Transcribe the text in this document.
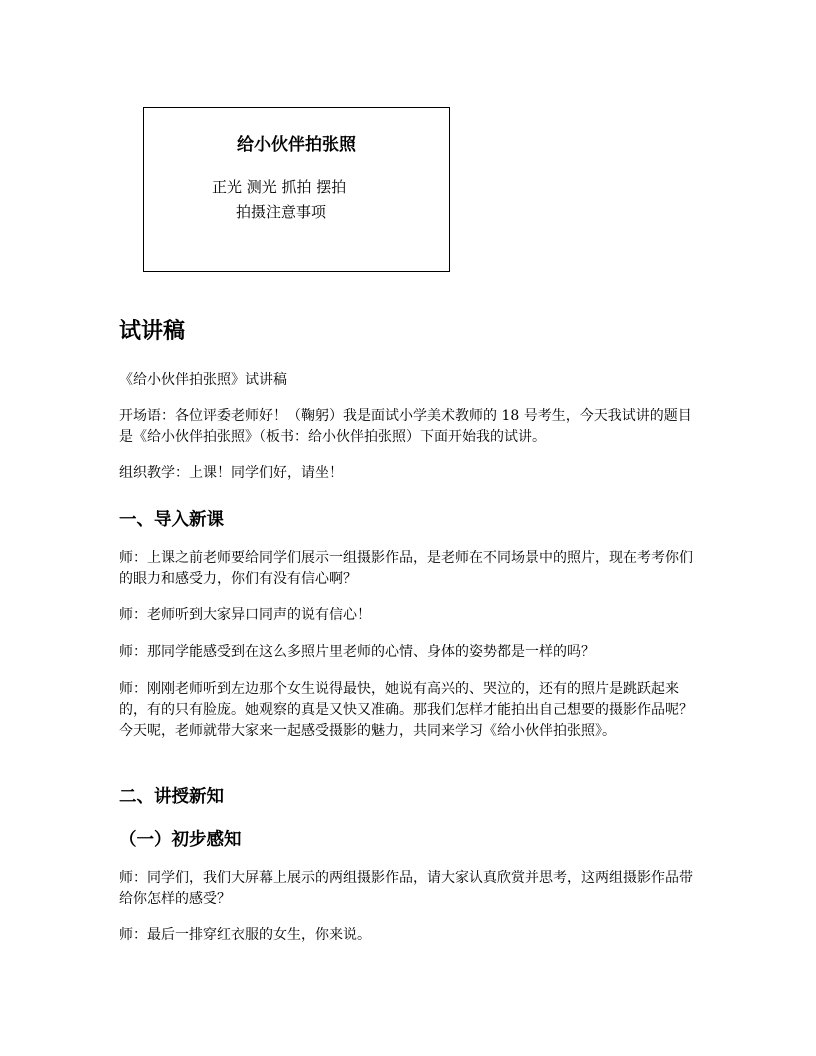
给小伙伴拍张照
正光 测光 抓拍 摆拍
拍摄注意事项
试讲稿
《给小伙伴拍张照》试讲稿
开场语：各位评委老师好！（鞠躬）我是面试小学美术教师的 18 号考生，今天我试讲的题目是《给小伙伴拍张照》（板书：给小伙伴拍张照）下面开始我的试讲。
组织教学：上课！同学们好，请坐！
一、导入新课
师：上课之前老师要给同学们展示一组摄影作品，是老师在不同场景中的照片，现在考考你们的眼力和感受力，你们有没有信心啊？
师：老师听到大家异口同声的说有信心！
师：那同学能感受到在这么多照片里老师的心情、身体的姿势都是一样的吗？
师：刚刚老师听到左边那个女生说得最快，她说有高兴的、哭泣的，还有的照片是跳跃起来的，有的只有脸庞。她观察的真是又快又准确。那我们怎样才能拍出自己想要的摄影作品呢？今天呢，老师就带大家来一起感受摄影的魅力，共同来学习《给小伙伴拍张照》。
二、讲授新知
（一）初步感知
师：同学们，我们大屏幕上展示的两组摄影作品，请大家认真欣赏并思考，这两组摄影作品带给你怎样的感受？
师：最后一排穿红衣服的女生，你来说。
